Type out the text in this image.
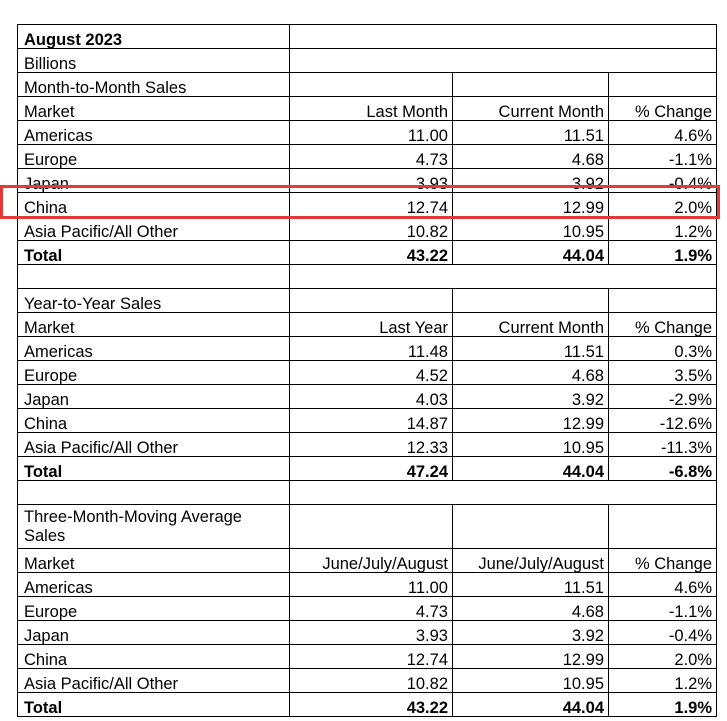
August 2023			
Billions			
Month-to-Month Sales			
Market	Last Month	Current Month	% Change
Americas	11.00	11.51	4.6%
Europe	4.73	4.68	-1.1%
Japan	3.93	3.92	-0.4%
China	12.74	12.99	2.0%
Asia Pacific/All Other	10.82	10.95	1.2%
Total	43.22	44.04	1.9%

Year-to-Year Sales			
Market	Last Year	Current Month	% Change
Americas	11.48	11.51	0.3%
Europe	4.52	4.68	3.5%
Japan	4.03	3.92	-2.9%
China	14.87	12.99	-12.6%
Asia Pacific/All Other	12.33	10.95	-11.3%
Total	47.24	44.04	-6.8%

Three-Month-Moving Average Sales			
Market	June/July/August	June/July/August	% Change
Americas	11.00	11.51	4.6%
Europe	4.73	4.68	-1.1%
Japan	3.93	3.92	-0.4%
China	12.74	12.99	2.0%
Asia Pacific/All Other	10.82	10.95	1.2%
Total	43.22	44.04	1.9%
